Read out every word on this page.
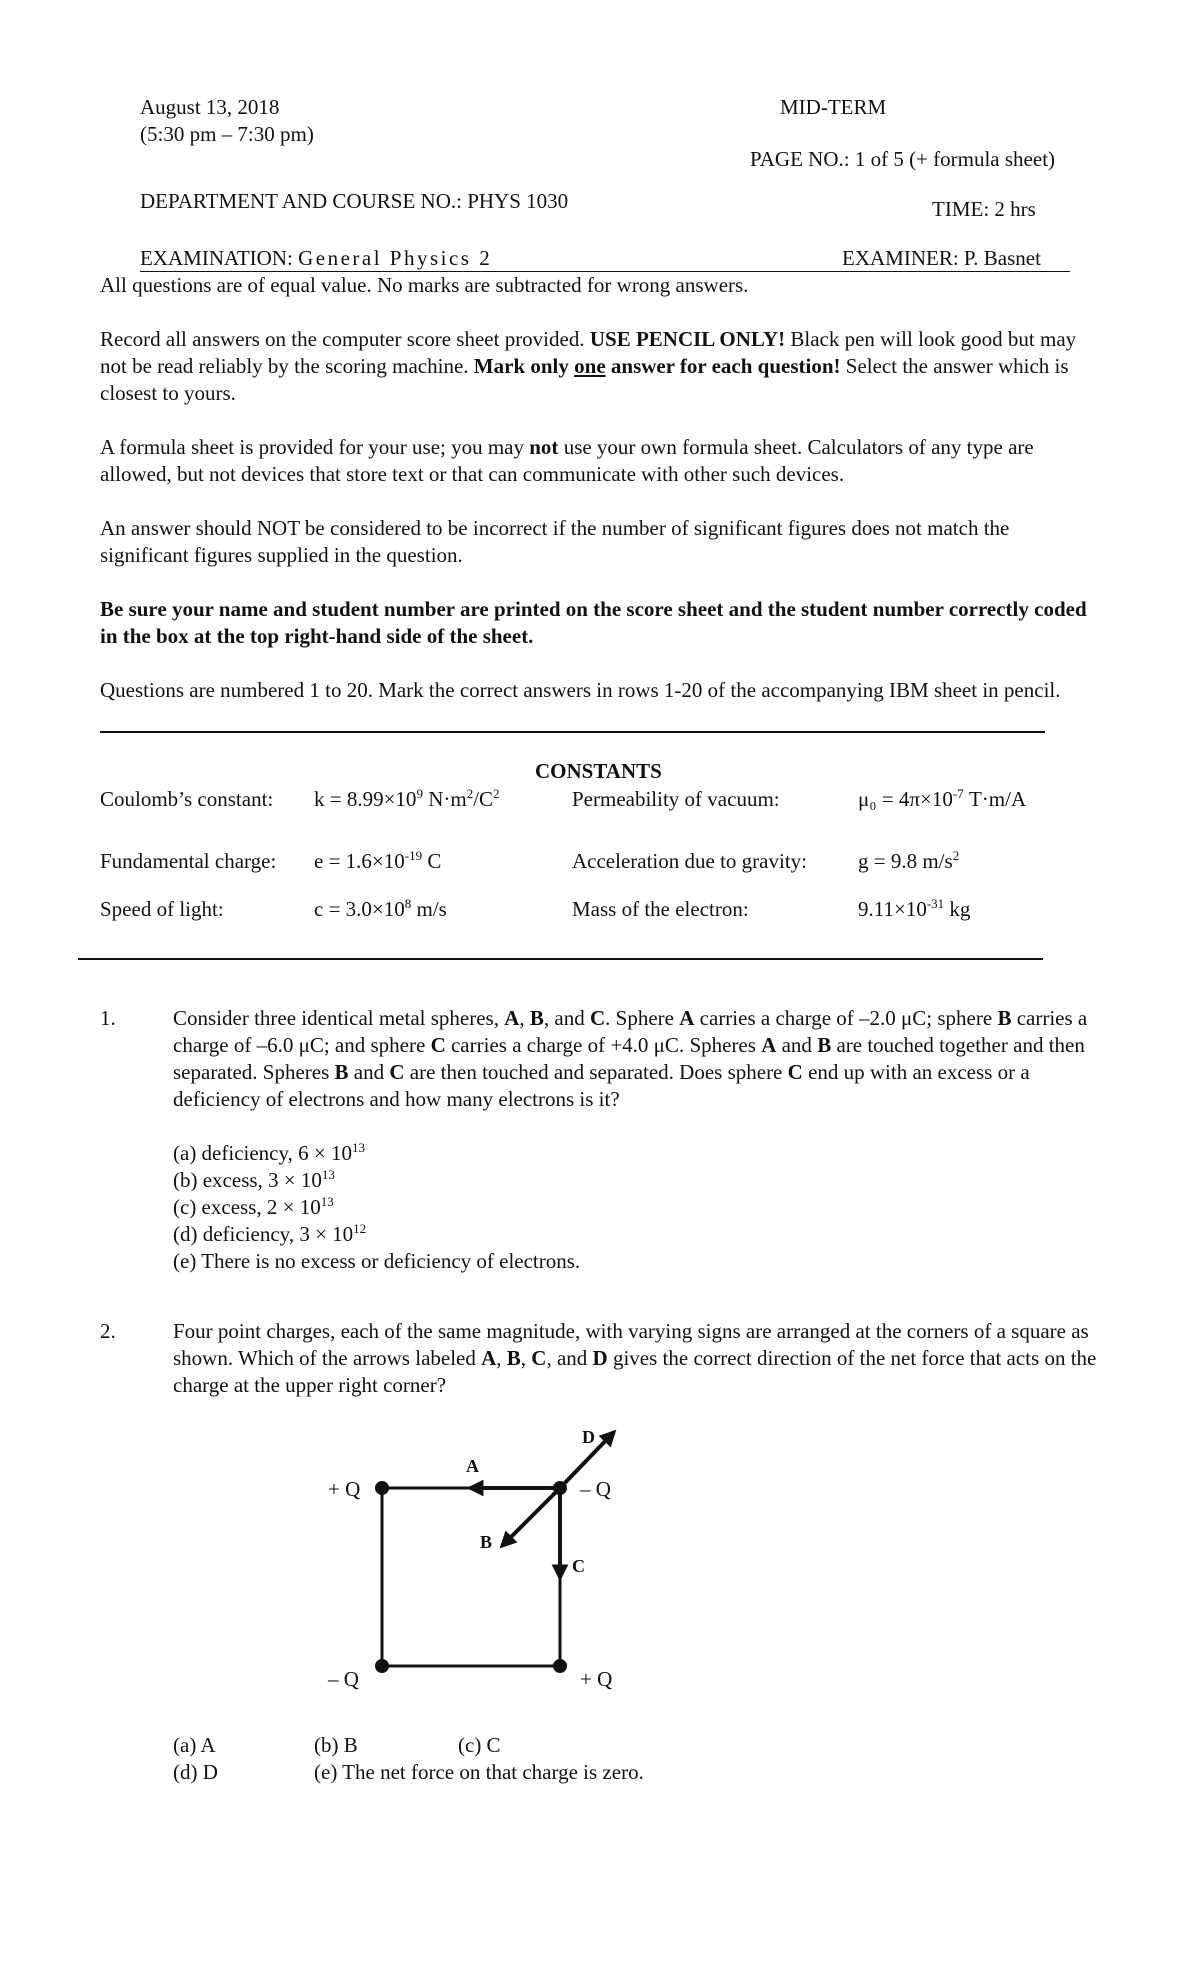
August 13, 2018
(5:30 pm – 7:30 pm)
MID-TERM
PAGE NO.: 1 of 5 (+ formula sheet)
DEPARTMENT AND COURSE NO.: PHYS 1030	TIME: 2 hrs
EXAMINATION: General Physics 2	EXAMINER: P. Basnet
All questions are of equal value. No marks are subtracted for wrong answers.
Record all answers on the computer score sheet provided. USE PENCIL ONLY! Black pen will look good but may not be read reliably by the scoring machine. Mark only one answer for each question! Select the answer which is closest to yours.
A formula sheet is provided for your use; you may not use your own formula sheet. Calculators of any type are allowed, but not devices that store text or that can communicate with other such devices.
An answer should NOT be considered to be incorrect if the number of significant figures does not match the significant figures supplied in the question.
Be sure your name and student number are printed on the score sheet and the student number correctly coded in the box at the top right-hand side of the sheet.
Questions are numbered 1 to 20. Mark the correct answers in rows 1-20 of the accompanying IBM sheet in pencil.
CONSTANTS
Coulomb’s constant: $k = 8.99\times 10^9$ $N\cdot m^2/C^2$	Permeability of vacuum:	$\mu_0 = 4\pi\times 10^{-7}$ T·m/A
Fundamental charge: $e = 1.6\times 10^{-19}$ C	Acceleration due to gravity: g = 9.8 $m/s^2$
Speed of light:	$c = 3.0\times 10^8$ m/s	Mass of the electron:	$9.11\times 10^{-31}$ kg
1.	Consider three identical metal spheres, A, B, and C. Sphere A carries a charge of –2.0 μC; sphere B carries a charge of –6.0 μC; and sphere C carries a charge of +4.0 μC. Spheres A and B are touched together and then separated. Spheres B and C are then touched and separated. Does sphere C end up with an excess or a deficiency of electrons and how many electrons is it?
(a) deficiency, $6 \times 10^{13}$
(b) excess, $3 \times 10^{13}$
(c) excess, $2 \times 10^{13}$
(d) deficiency, $3 \times 10^{12}$
(e) There is no excess or deficiency of electrons.
2.	Four point charges, each of the same magnitude, with varying signs are arranged at the corners of a square as shown. Which of the arrows labeled A, B, C, and D gives the correct direction of the net force that acts on the charge at the upper right corner?
+ Q	– Q
– Q	+ Q
A
B
C
D
(a) A	(b) B	(c) C
(d) D	(e) The net force on that charge is zero.
